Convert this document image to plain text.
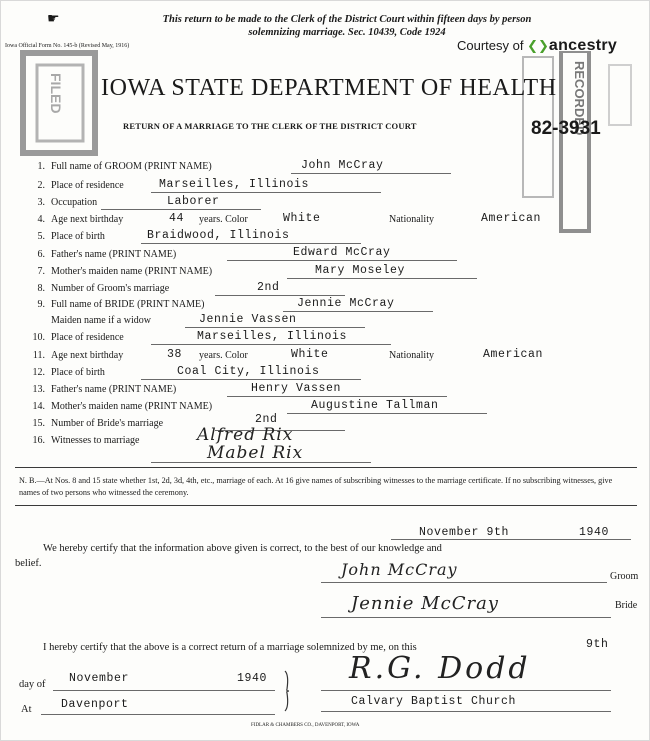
FILED	RECORDED
☛	This return to be made to the Clerk of the District Court within fifteen days by person
solemnizing marriage. Sec. 10439, Code 1924
Iowa Official Form No. 145-b (Revised May, 1916)	Courtesy of ❮❯ancestry
IOWA STATE DEPARTMENT OF HEALTH
RETURN OF A MARRIAGE TO THE CLERK OF THE DISTRICT COURT	82-3931
1. Full name of GROOM (PRINT NAME)	John McCray
2. Place of residence	Marseilles, Illinois
3. Occupation	Laborer
4. Age next birthday	44 years. Color	White	Nationality	American
5. Place of birth	Braidwood, Illinois
6. Father's name (PRINT NAME)	Edward McCray
7. Mother's maiden name (PRINT NAME)	Mary Moseley
8. Number of Groom's marriage	2nd
9. Full name of BRIDE (PRINT NAME)	Jennie McCray
Maiden name if a widow	Jennie Vassen
10. Place of residence	Marseilles, Illinois
11. Age next birthday	38 years. Color	White	Nationality	American
12. Place of birth	Coal City, Illinois
13. Father's name (PRINT NAME)	Henry Vassen
14. Mother's maiden name (PRINT NAME)	Augustine Tallman
15. Number of Bride's marriage	2nd
16. Witnesses to marriage	Alfred Rix
Mabel Rix
N. B.—At Nos. 8 and 15 state whether 1st, 2d, 3d, 4th, etc., marriage of each. At 16 give names of subscribing witnesses to the marriage certificate. If no subscribing witnesses, give names of two persons who witnessed the ceremony.
November 9th	1940
We hereby certify that the information above given is correct, to the best of our knowledge and
belief.	John McCray	Groom
Jennie McCray	Bride
I hereby certify that the above is a correct return of a marriage solemnized by me, on this	9th
day of November	1940
At	Davenport
R.G. Dodd
Calvary Baptist Church
FIDLAR & CHAMBERS CO., DAVENPORT, IOWA
